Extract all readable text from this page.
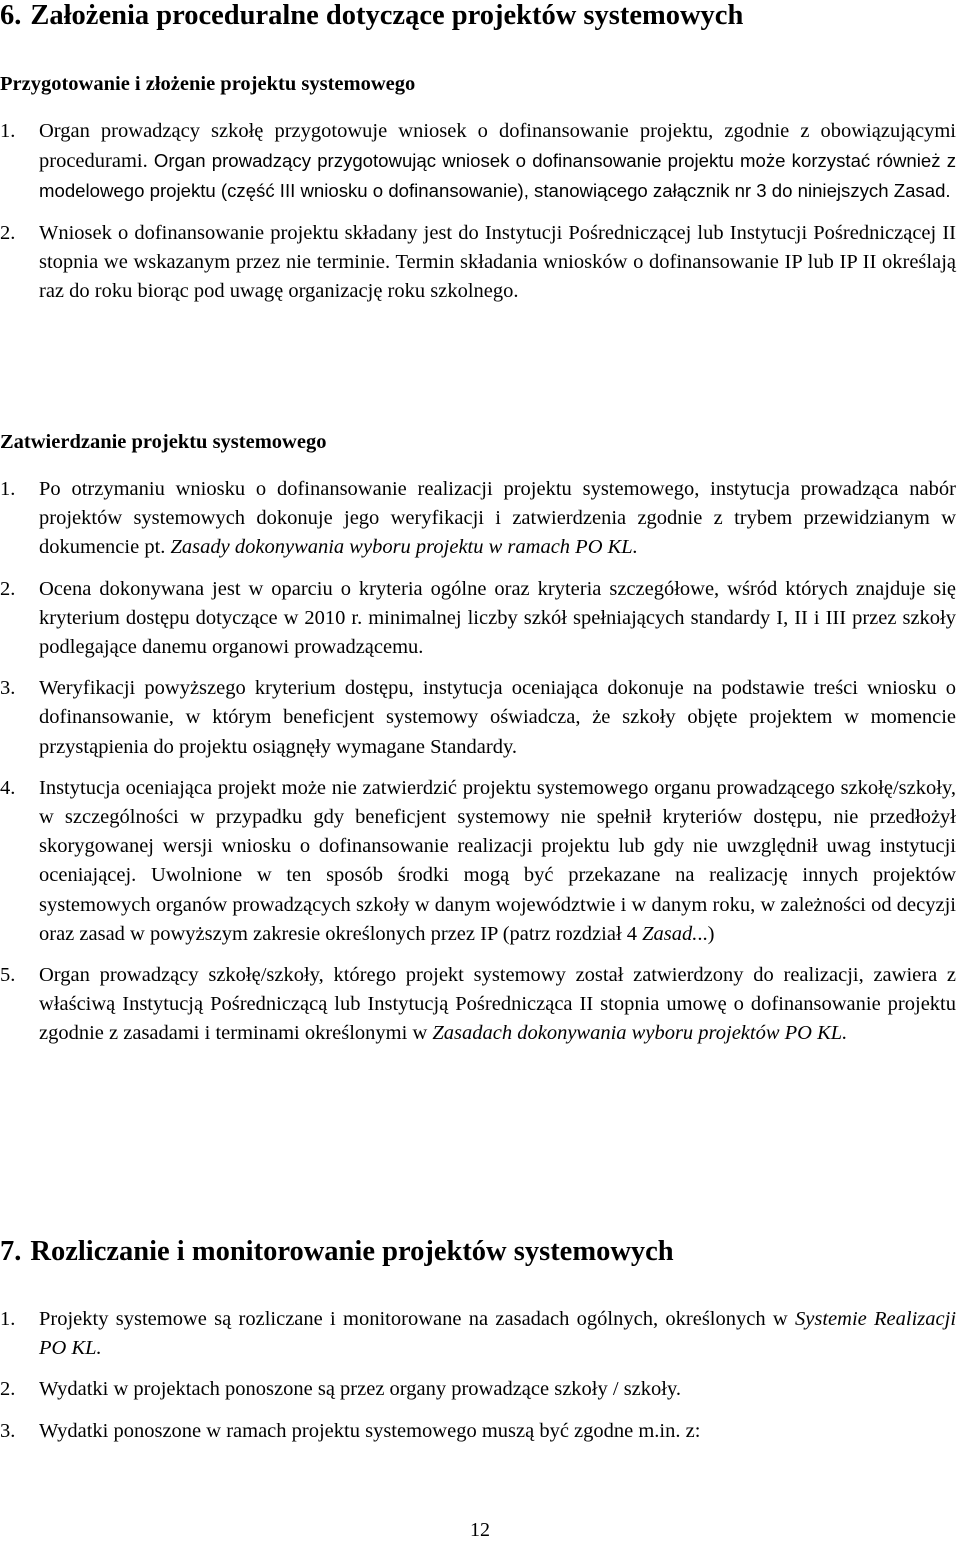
6. Założenia proceduralne dotyczące projektów systemowych
Przygotowanie i złożenie projektu systemowego
1. Organ prowadzący szkołę przygotowuje wniosek o dofinansowanie projektu, zgodnie z obowiązującymi procedurami. Organ prowadzący przygotowując wniosek o dofinansowanie projektu może korzystać również z modelowego projektu (część III wniosku o dofinansowanie), stanowiącego załącznik nr 3 do niniejszych Zasad.
2. Wniosek o dofinansowanie projektu składany jest do Instytucji Pośredniczącej lub Instytucji Pośredniczącej II stopnia we wskazanym przez nie terminie. Termin składania wniosków o dofinansowanie IP lub IP II określają raz do roku biorąc pod uwagę organizację roku szkolnego.
Zatwierdzanie projektu systemowego
1. Po otrzymaniu wniosku o dofinansowanie realizacji projektu systemowego, instytucja prowadząca nabór projektów systemowych dokonuje jego weryfikacji i zatwierdzenia zgodnie z trybem przewidzianym w dokumencie pt. Zasady dokonywania wyboru projektu w ramach PO KL.
2. Ocena dokonywana jest w oparciu o kryteria ogólne oraz kryteria szczegółowe, wśród których znajduje się kryterium dostępu dotyczące w 2010 r. minimalnej liczby szkół spełniających standardy I, II i III przez szkoły podlegające danemu organowi prowadzącemu.
3. Weryfikacji powyższego kryterium dostępu, instytucja oceniająca dokonuje na podstawie treści wniosku o dofinansowanie, w którym beneficjent systemowy oświadcza, że szkoły objęte projektem w momencie przystąpienia do projektu osiągnęły wymagane Standardy.
4. Instytucja oceniająca projekt może nie zatwierdzić projektu systemowego organu prowadzącego szkołę/szkoły, w szczególności w przypadku gdy beneficjent systemowy nie spełnił kryteriów dostępu, nie przedłożył skorygowanej wersji wniosku o dofinansowanie realizacji projektu lub gdy nie uwzględnił uwag instytucji oceniającej. Uwolnione w ten sposób środki mogą być przekazane na realizację innych projektów systemowych organów prowadzących szkoły w danym województwie i w danym roku, w zależności od decyzji oraz zasad w powyższym zakresie określonych przez IP (patrz rozdział 4 Zasad...)
5. Organ prowadzący szkołę/szkoły, którego projekt systemowy został zatwierdzony do realizacji, zawiera z właściwą Instytucją Pośredniczącą lub Instytucją Pośrednicząca II stopnia umowę o dofinansowanie projektu zgodnie z zasadami i terminami określonymi w Zasadach dokonywania wyboru projektów PO KL.
7. Rozliczanie i monitorowanie projektów systemowych
1. Projekty systemowe są rozliczane i monitorowane na zasadach ogólnych, określonych w Systemie Realizacji PO KL.
2. Wydatki w projektach ponoszone są przez organy prowadzące szkoły / szkoły.
3. Wydatki ponoszone w ramach projektu systemowego muszą być zgodne m.in. z:
12
